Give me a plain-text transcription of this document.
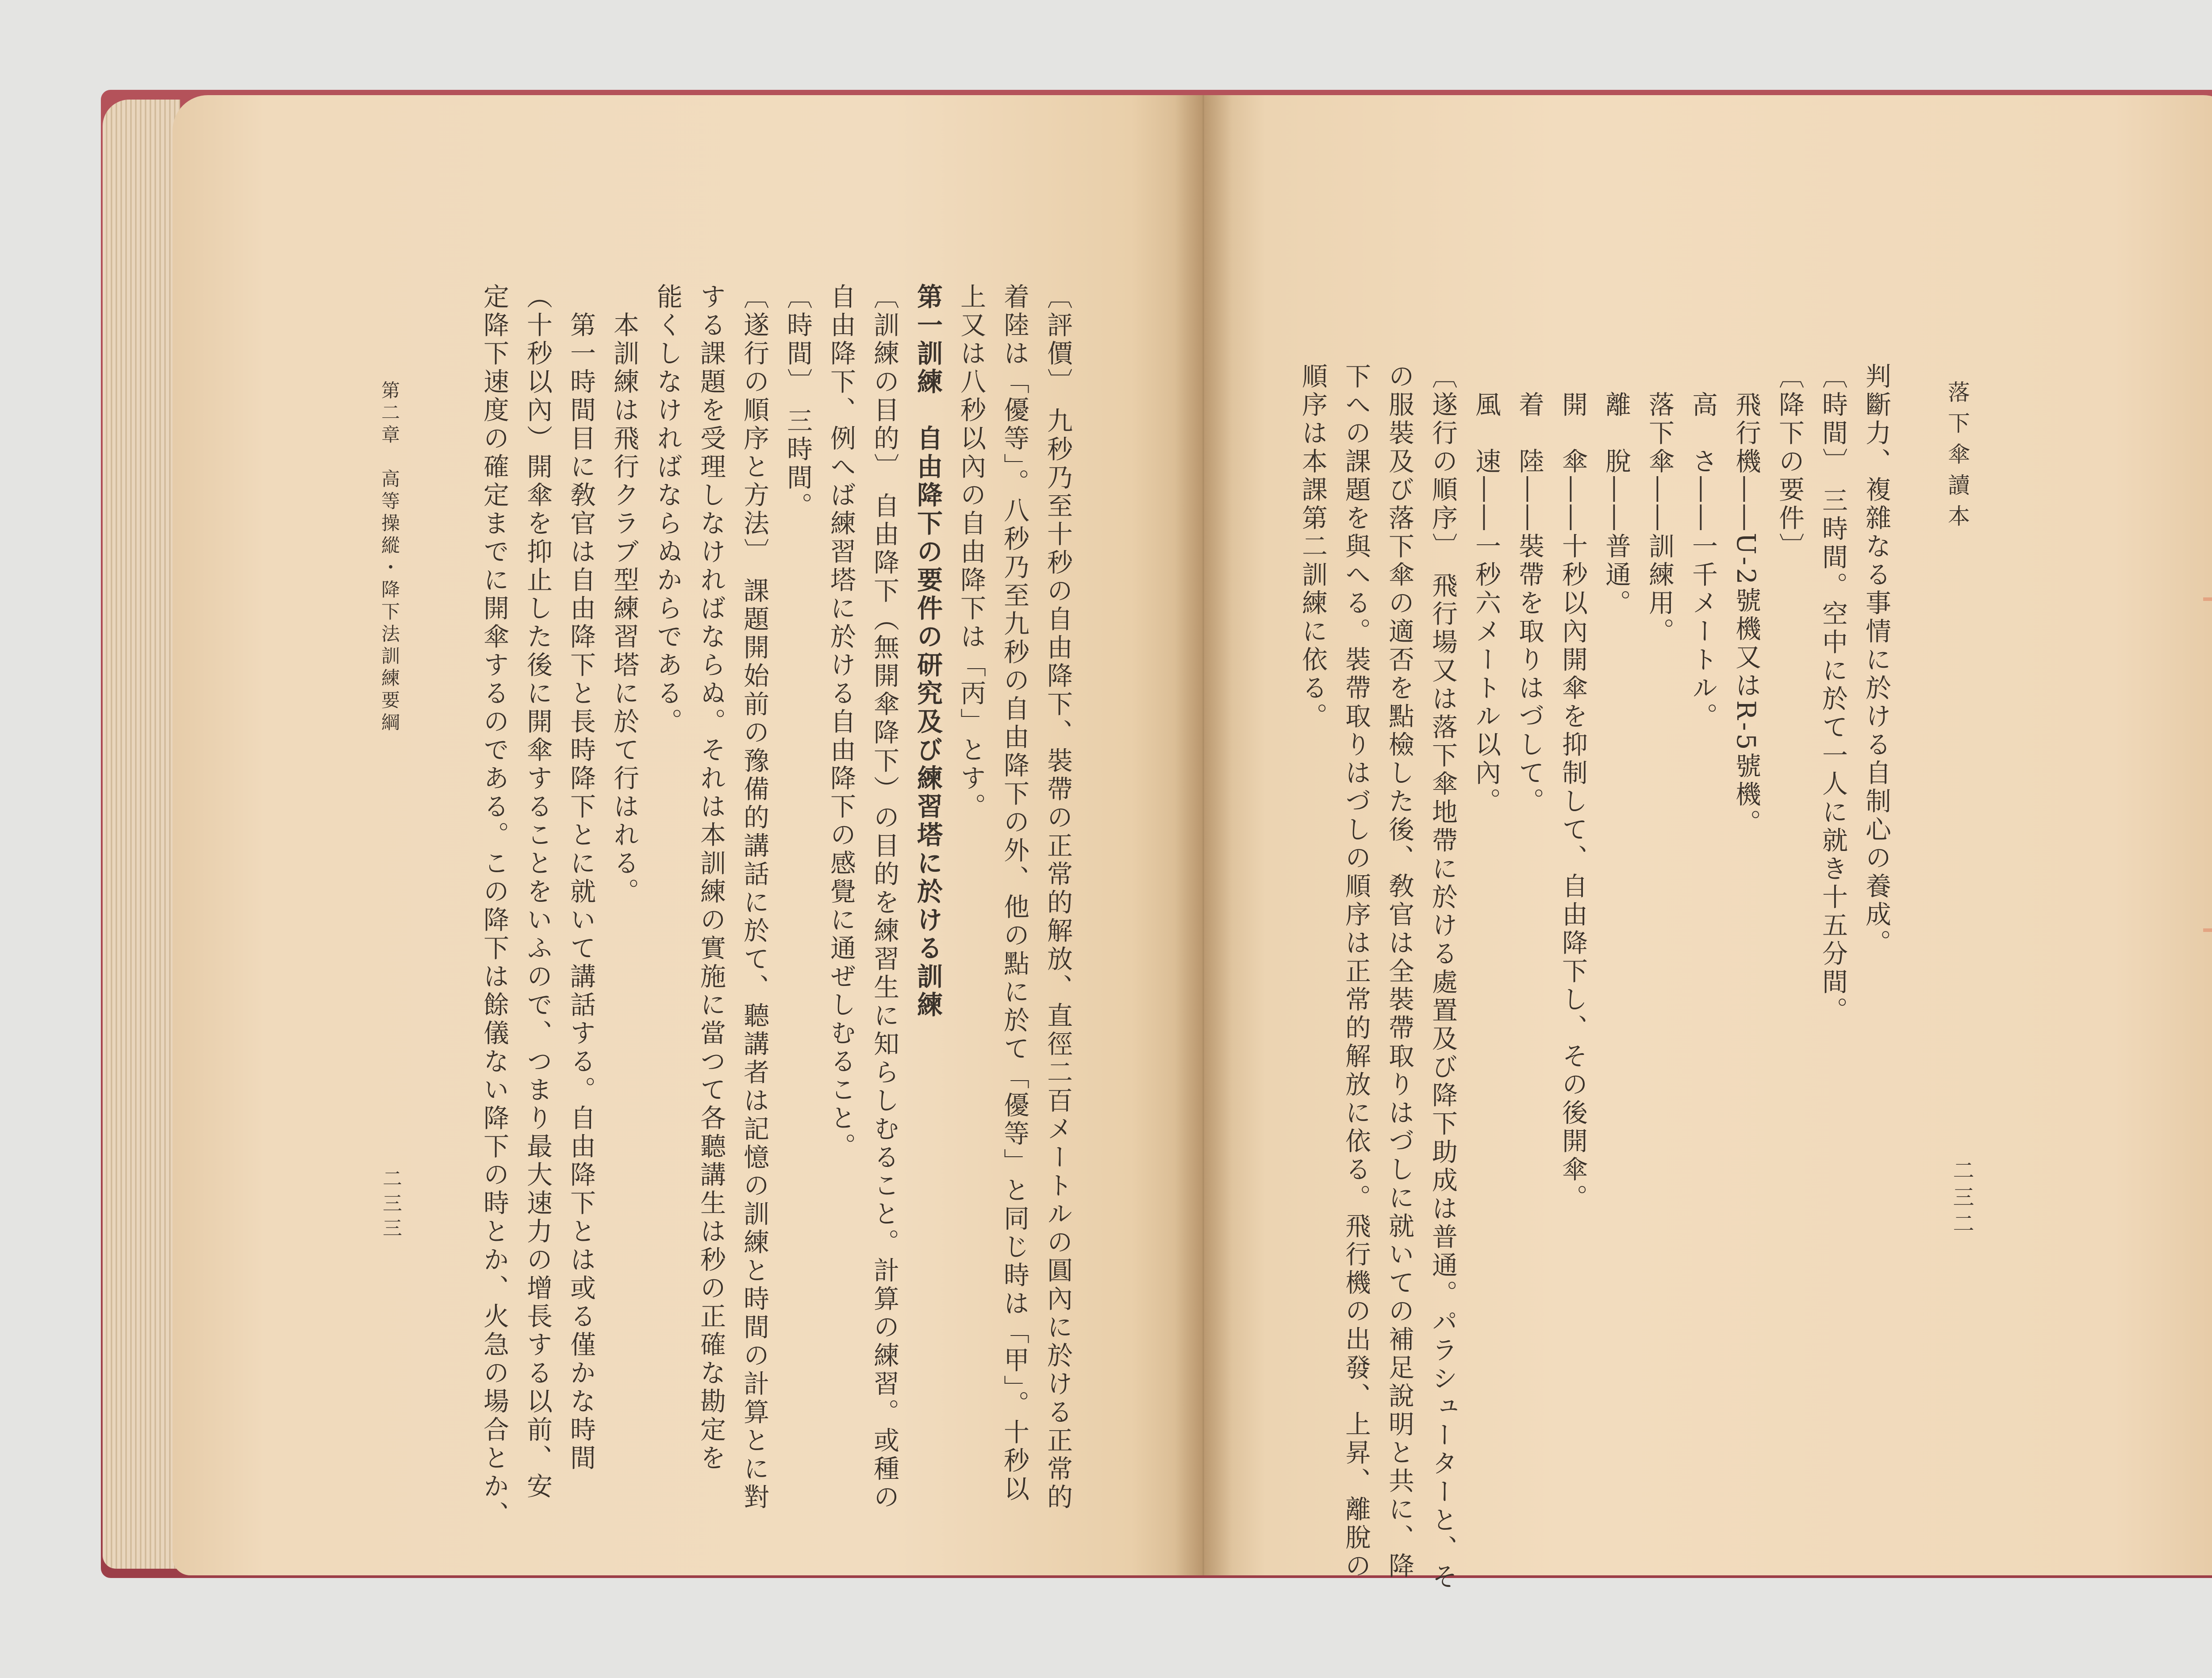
落下傘讀本

判斷力、複雜なる事情に於ける自制心の養成。

〔時間〕 三時間。空中に於て一人に就き十五分間。

〔降下の要件〕

　飛行機――U-2號機又はR-5號機。

　高　さ――一千メートル。

　落下傘――訓練用。

　離　脫――普通。

　開　傘――十秒以內開傘を抑制して、自由降下し、その後開傘。

　着　陸――裝帶を取りはづして。

　風　速――一秒六メートル以內。

〔遂行の順序〕 飛行場又は落下傘地帶に於ける處置及び降下助成は普通。パラシューターと、そ

の服裝及び落下傘の適否を點檢した後、敎官は全裝帶取りはづしに就いての補足說明と共に、降

下への課題を與へる。裝帶取りはづしの順序は正常的解放に依る。飛行機の出發、上昇、離脫の

順序は本課第二訓練に依る。

二三二

〔評價〕 九秒乃至十秒の自由降下、裝帶の正常的解放、直徑二百メートルの圓內に於ける正常的

着陸は「優等」。八秒乃至九秒の自由降下の外、他の點に於て「優等」と同じ時は「甲」。十秒以

上又は八秒以內の自由降下は「丙」とす。

第一訓練　自由降下の要件の研究及び練習塔に於ける訓練

〔訓練の目的〕 自由降下（無開傘降下）の目的を練習生に知らしむること。計算の練習。或種の

自由降下、例へば練習塔に於ける自由降下の感覺に通ぜしむること。

〔時間〕 三時間。

〔遂行の順序と方法〕 課題開始前の豫備的講話に於て、聽講者は記憶の訓練と時間の計算とに對

する課題を受理しなければならぬ。それは本訓練の實施に當つて各聽講生は秒の正確な勘定を

能くしなければならぬからである。

　本訓練は飛行クラブ型練習塔に於て行はれる。

　第一時間目に敎官は自由降下と長時降下とに就いて講話する。自由降下とは或る僅かな時間

（十秒以內）開傘を抑止した後に開傘することをいふので、つまり最大速力の增長する以前、安

定降下速度の確定までに開傘するのである。この降下は餘儀ない降下の時とか、火急の場合とか、

第二章　高等操縱・降下法訓練要綱
二三三
